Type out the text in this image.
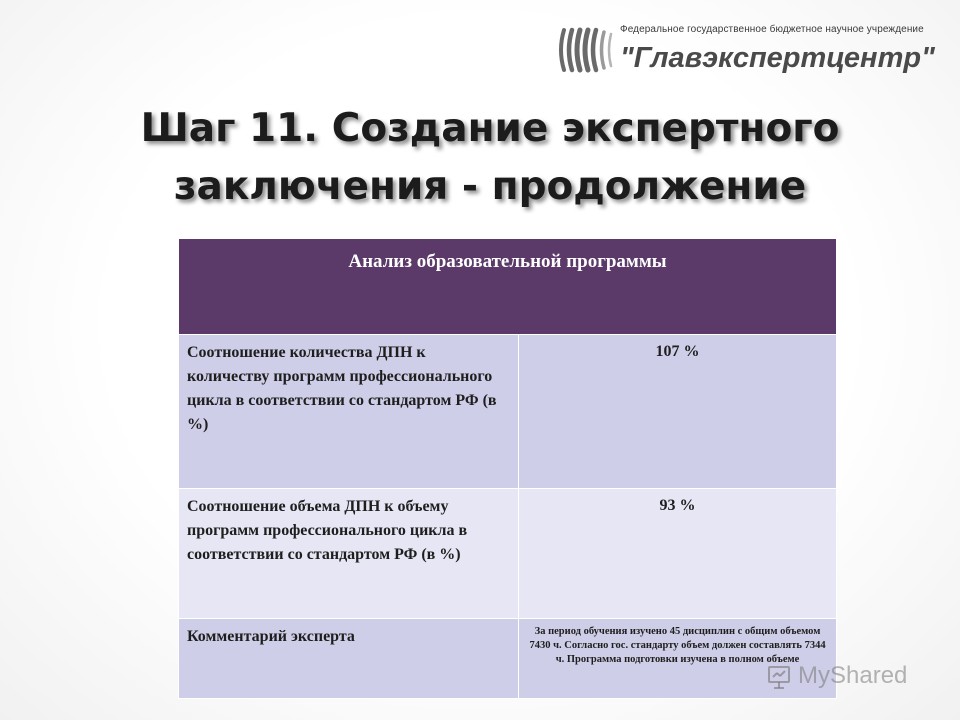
Федеральное государственное бюджетное научное учреждение
"Главэкспертцентр"
Шаг 11. Создание экспертного заключения - продолжение
Анализ образовательной программы	
Соотношение количества ДПН к количеству программ профессионального цикла в соответствии со стандартом РФ (в %)	107 %
Соотношение объема ДПН к объему программ профессионального цикла в соответствии со стандартом РФ (в %)	93 %
Комментарий эксперта	За период обучения изучено 45 дисциплин с общим объемом 7430 ч. Согласно гос. стандарту объем должен составлять 7344 ч. Программа подготовки изучена в полном объеме
MyShared
